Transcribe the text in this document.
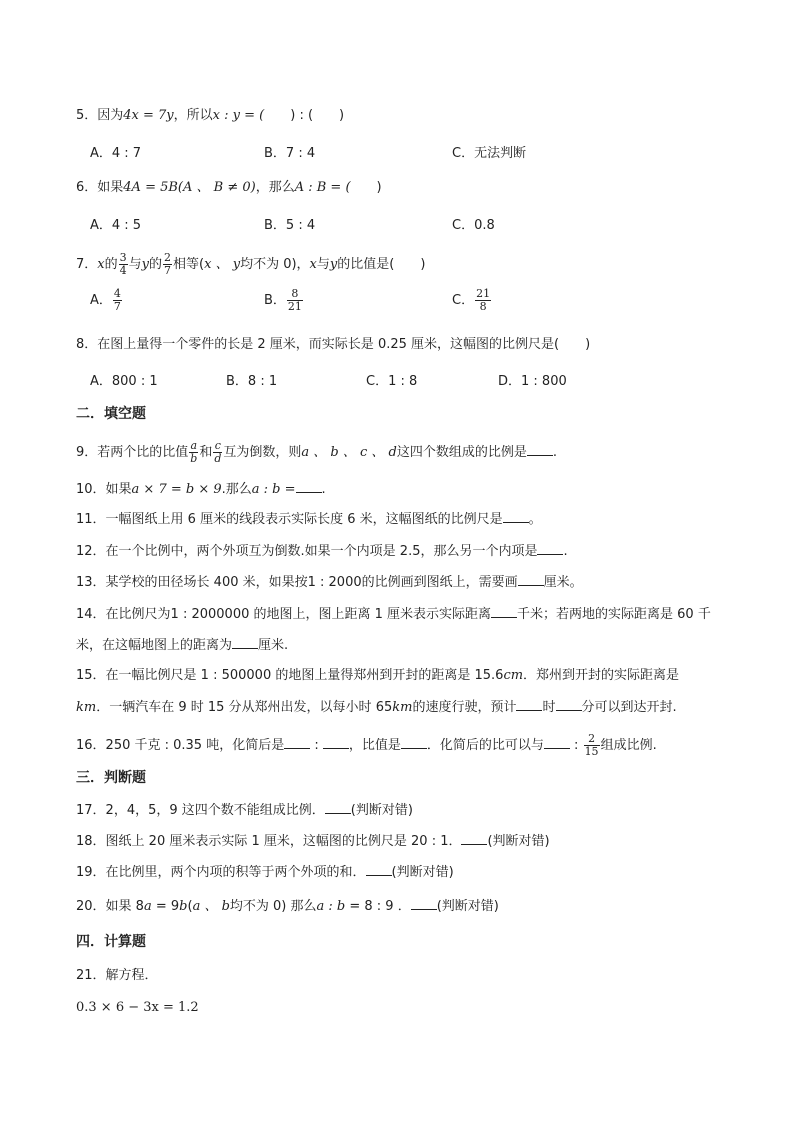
5．因为4x = 7y，所以x : y = ( ) : ( )
A．4 : 7	B．7 : 4	C．无法判断
6．如果4A = 5B(A 、 B ≠ 0)，那么A : B = ( )
A．4 : 5	B．5 : 4	C．0.8
7．x的 $\frac{3}{4}$ 与y的 $\frac{2}{7}$ 相等(x 、 y均不为 0)，x与y的比值是( )
A． $\frac{4}{7}$	B． $\frac{8}{21}$	C． $\frac{21}{8}$
8．在图上量得一个零件的长是 2 厘米，而实际长是 0.25 厘米，这幅图的比例尺是( )
A．800 : 1	B．8 : 1	C．1 : 8	D．1 : 800
二．填空题
9．若两个比的比值 $\frac{a}{b}$ 和 $\frac{c}{d}$ 互为倒数，则a 、 b 、 c 、 d这四个数组成的比例是 .
10．如果a × 7 = b × 9.那么a : b = .
11．一幅图纸上用 6 厘米的线段表示实际长度 6 米，这幅图纸的比例尺是 。
12．在一个比例中，两个外项互为倒数.如果一个内项是 2.5，那么另一个内项是 .
13．某学校的田径场长 400 米，如果按1 : 2000的比例画到图纸上，需要画 厘米。
14．在比例尺为1 : 2000000 的地图上，图上距离 1 厘米表示实际距离 千米；若两地的实际距离是 60 千
米，在这幅地图上的距离为 厘米.
15．在一幅比例尺是 1 : 500000 的地图上量得郑州到开封的距离是 15.6cm．郑州到开封的实际距离是
km．一辆汽车在 9 时 15 分从郑州出发，以每小时 65km的速度行驶，预计 时 分可以到达开封.
16．250 千克 : 0.35 吨，化简后是 : ，比值是 ．化简后的比可以与 : $\frac{2}{15}$ 组成比例.
三．判断题
17．2，4，5，9 这四个数不能组成比例． (判断对错)
18．图纸上 20 厘米表示实际 1 厘米，这幅图的比例尺是 20 : 1． (判断对错)
19．在比例里，两个内项的积等于两个外项的和． (判断对错)
20．如果 8a = 9b(a 、 b均不为 0) 那么a : b = 8 : 9 ． (判断对错)
四．计算题
21．解方程．
0.3 × 6 − 3x = 1.2
